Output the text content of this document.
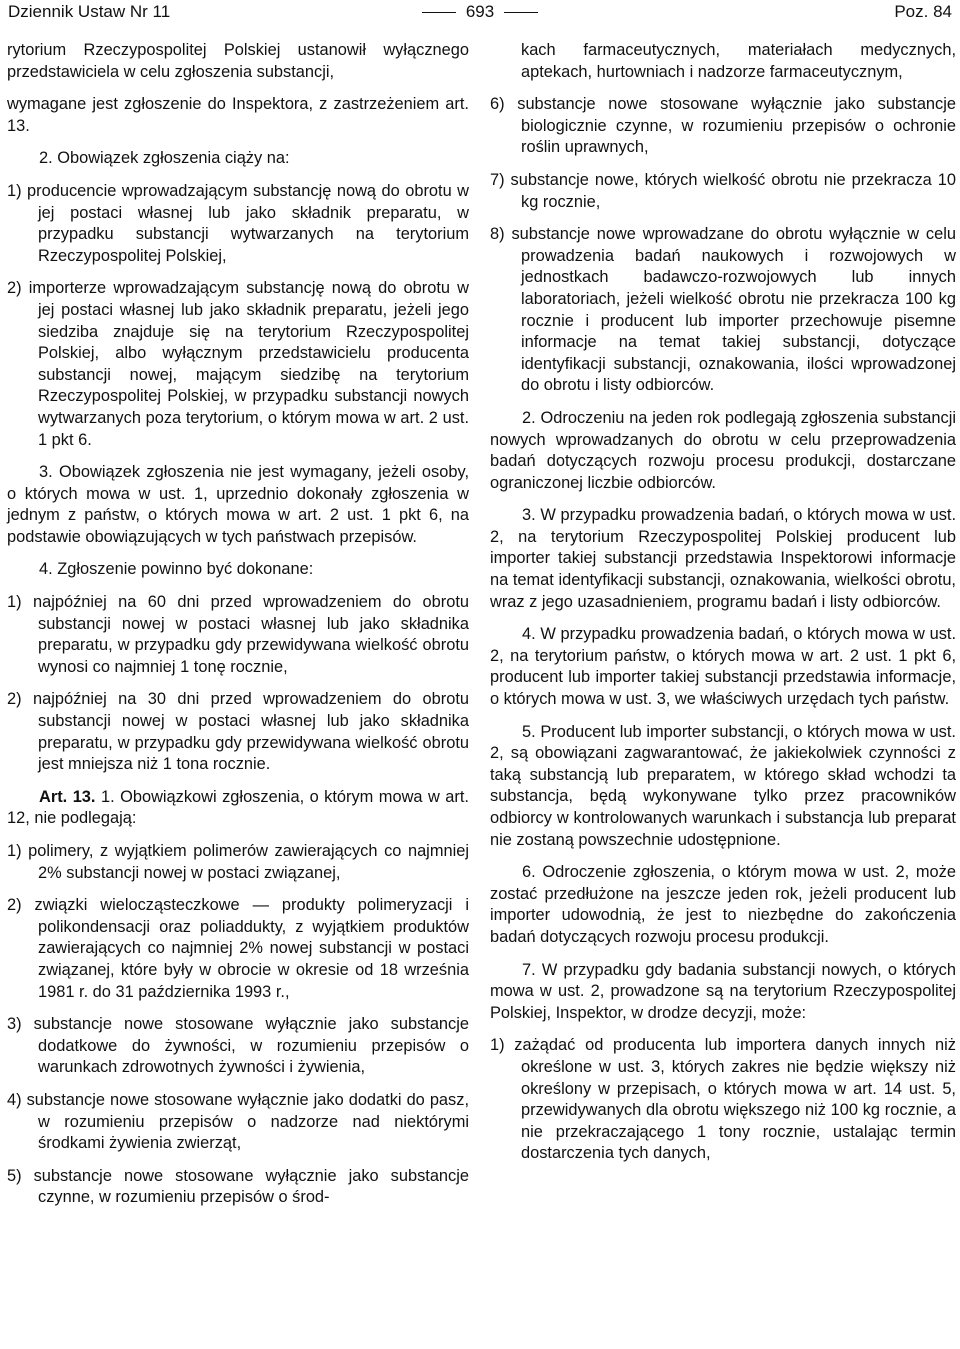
Dziennik Ustaw Nr 11	693	Poz. 84

rytorium Rzeczypospolitej Polskiej ustanowił wyłącznego przedstawiciela w celu zgłoszenia substancji,

wymagane jest zgłoszenie do Inspektora, z zastrzeżeniem art. 13.

2. Obowiązek zgłoszenia ciąży na:

1) producencie wprowadzającym substancję nową do obrotu w jej postaci własnej lub jako składnik preparatu, w przypadku substancji wytwarzanych na terytorium Rzeczypospolitej Polskiej,

2) importerze wprowadzającym substancję nową do obrotu w jej postaci własnej lub jako składnik preparatu, jeżeli jego siedziba znajduje się na terytorium Rzeczypospolitej Polskiej, albo wyłącznym przedstawicielu producenta substancji nowej, mającym siedzibę na terytorium Rzeczypospolitej Polskiej, w przypadku substancji nowych wytwarzanych poza terytorium, o którym mowa w art. 2 ust. 1 pkt 6.

3. Obowiązek zgłoszenia nie jest wymagany, jeżeli osoby, o których mowa w ust. 1, uprzednio dokonały zgłoszenia w jednym z państw, o których mowa w art. 2 ust. 1 pkt 6, na podstawie obowiązujących w tych państwach przepisów.

4. Zgłoszenie powinno być dokonane:

1) najpóźniej na 60 dni przed wprowadzeniem do obrotu substancji nowej w postaci własnej lub jako składnika preparatu, w przypadku gdy przewidywana wielkość obrotu wynosi co najmniej 1 tonę rocznie,

2) najpóźniej na 30 dni przed wprowadzeniem do obrotu substancji nowej w postaci własnej lub jako składnika preparatu, w przypadku gdy przewidywana wielkość obrotu jest mniejsza niż 1 tona rocznie.

Art. 13. 1. Obowiązkowi zgłoszenia, o którym mowa w art. 12, nie podlegają:

1) polimery, z wyjątkiem polimerów zawierających co najmniej 2% substancji nowej w postaci związanej,

2) związki wielocząsteczkowe — produkty polimeryzacji i polikondensacji oraz poliaddukty, z wyjątkiem produktów zawierających co najmniej 2% nowej substancji w postaci związanej, które były w obrocie w okresie od 18 września 1981 r. do 31 października 1993 r.,

3) substancje nowe stosowane wyłącznie jako substancje dodatkowe do żywności, w rozumieniu przepisów o warunkach zdrowotnych żywności i żywienia,

4) substancje nowe stosowane wyłącznie jako dodatki do pasz, w rozumieniu przepisów o nadzorze nad niektórymi środkami żywienia zwierząt,

5) substancje nowe stosowane wyłącznie jako substancje czynne, w rozumieniu przepisów o środ-

kach farmaceutycznych, materiałach medycznych, aptekach, hurtowniach i nadzorze farmaceutycznym,

6) substancje nowe stosowane wyłącznie jako substancje biologicznie czynne, w rozumieniu przepisów o ochronie roślin uprawnych,

7) substancje nowe, których wielkość obrotu nie przekracza 10 kg rocznie,

8) substancje nowe wprowadzane do obrotu wyłącznie w celu prowadzenia badań naukowych i rozwojowych w jednostkach badawczo-rozwojowych lub innych laboratoriach, jeżeli wielkość obrotu nie przekracza 100 kg rocznie i producent lub importer przechowuje pisemne informacje na temat takiej substancji, dotyczące identyfikacji substancji, oznakowania, ilości wprowadzonej do obrotu i listy odbiorców.

2. Odroczeniu na jeden rok podlegają zgłoszenia substancji nowych wprowadzanych do obrotu w celu przeprowadzenia badań dotyczących rozwoju procesu produkcji, dostarczane ograniczonej liczbie odbiorców.

3. W przypadku prowadzenia badań, o których mowa w ust. 2, na terytorium Rzeczypospolitej Polskiej producent lub importer takiej substancji przedstawia Inspektorowi informacje na temat identyfikacji substancji, oznakowania, wielkości obrotu, wraz z jego uzasadnieniem, programu badań i listy odbiorców.

4. W przypadku prowadzenia badań, o których mowa w ust. 2, na terytorium państw, o których mowa w art. 2 ust. 1 pkt 6, producent lub importer takiej substancji przedstawia informacje, o których mowa w ust. 3, we właściwych urzędach tych państw.

5. Producent lub importer substancji, o których mowa w ust. 2, są obowiązani zagwarantować, że jakiekolwiek czynności z taką substancją lub preparatem, w którego skład wchodzi ta substancja, będą wykonywane tylko przez pracowników odbiorcy w kontrolowanych warunkach i substancja lub preparat nie zostaną powszechnie udostępnione.

6. Odroczenie zgłoszenia, o którym mowa w ust. 2, może zostać przedłużone na jeszcze jeden rok, jeżeli producent lub importer udowodnią, że jest to niezbędne do zakończenia badań dotyczących rozwoju procesu produkcji.

7. W przypadku gdy badania substancji nowych, o których mowa w ust. 2, prowadzone są na terytorium Rzeczypospolitej Polskiej, Inspektor, w drodze decyzji, może:

1) zażądać od producenta lub importera danych innych niż określone w ust. 3, których zakres nie będzie większy niż określony w przepisach, o których mowa w art. 14 ust. 5, przewidywanych dla obrotu większego niż 100 kg rocznie, a nie przekraczającego 1 tony rocznie, ustalając termin dostarczenia tych danych,
